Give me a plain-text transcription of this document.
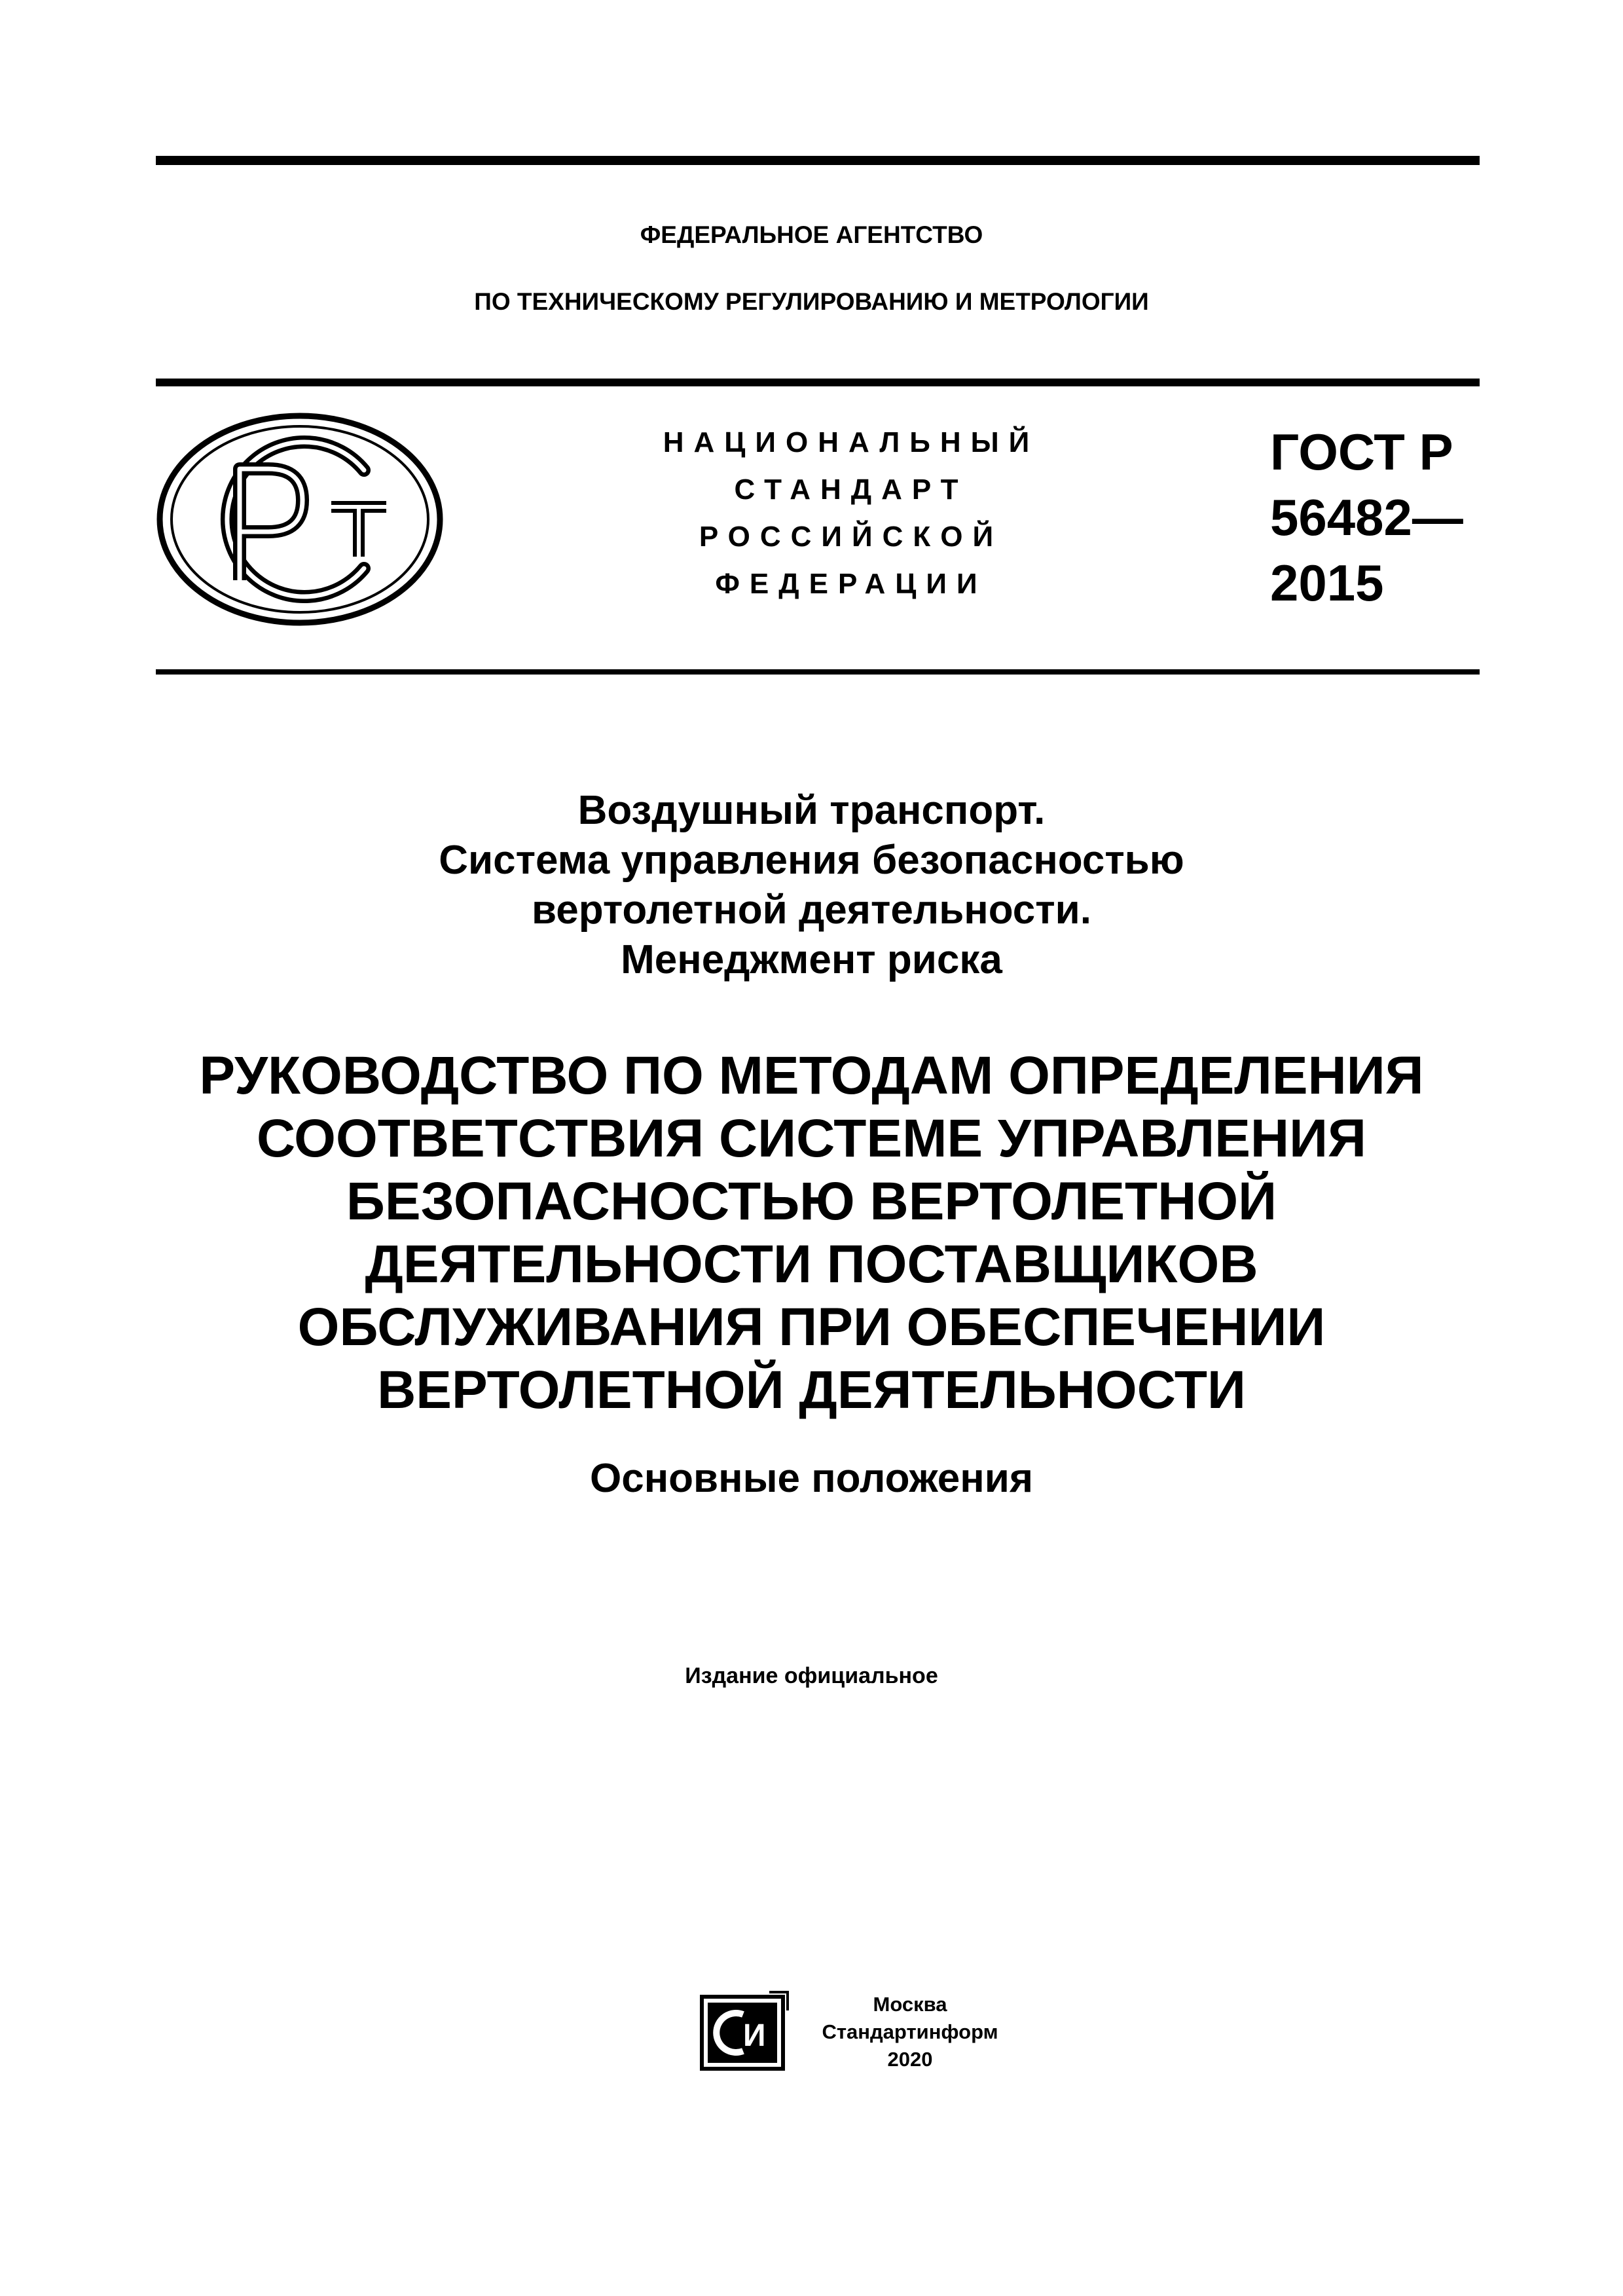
ФЕДЕРАЛЬНОЕ АГЕНТСТВО
ПО ТЕХНИЧЕСКОМУ РЕГУЛИРОВАНИЮ И МЕТРОЛОГИИ
НАЦИОНАЛЬНЫЙ
СТАНДАРТ
РОССИЙСКОЙ
ФЕДЕРАЦИИ
ГОСТ Р
56482—
2015
Воздушный транспорт.
Система управления безопасностью
вертолетной деятельности.
Менеджмент риска
РУКОВОДСТВО ПО МЕТОДАМ ОПРЕДЕЛЕНИЯ
СООТВЕТСТВИЯ СИСТЕМЕ УПРАВЛЕНИЯ
БЕЗОПАСНОСТЬЮ ВЕРТОЛЕТНОЙ
ДЕЯТЕЛЬНОСТИ ПОСТАВЩИКОВ
ОБСЛУЖИВАНИЯ ПРИ ОБЕСПЕЧЕНИИ
ВЕРТОЛЕТНОЙ ДЕЯТЕЛЬНОСТИ
Основные положения
Издание официальное
И
Москва
Стандартинформ
2020
